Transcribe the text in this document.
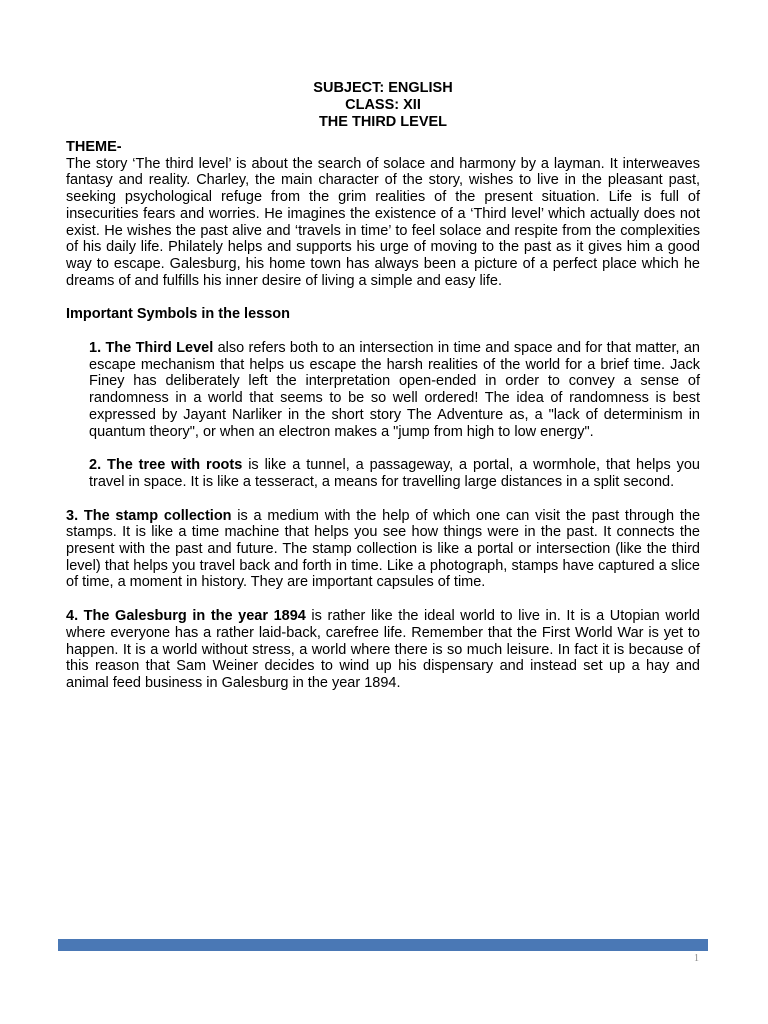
SUBJECT: ENGLISH
CLASS: XII
THE THIRD LEVEL
THEME-

The story ‘The third level’ is about the search of solace and harmony by a layman. It interweaves fantasy and reality. Charley, the main character of the story, wishes to live in the pleasant past, seeking psychological refuge from the grim realities of the present situation. Life is full of insecurities fears and worries. He imagines the existence of a ‘Third level’ which actually does not exist. He wishes the past alive and ‘travels in time’ to feel solace and respite from the complexities of his daily life. Philately helps and supports his urge of moving to the past as it gives him a good way to escape. Galesburg, his home town has always been a picture of a perfect place which he dreams of and fulfills his inner desire of living a simple and easy life.

Important Symbols in the lesson

1. The Third Level also refers both to an intersection in time and space and for that matter, an escape mechanism that helps us escape the harsh realities of the world for a brief time. Jack Finey has deliberately left the interpretation open-ended in order to convey a sense of randomness in a world that seems to be so well ordered! The idea of randomness is best expressed by Jayant Narliker in the short story The Adventure as, a "lack of determinism in quantum theory", or when an electron makes a "jump from high to low energy".

2. The tree with roots is like a tunnel, a passageway, a portal, a wormhole, that helps you travel in space. It is like a tesseract, a means for travelling large distances in a split second.

3. The stamp collection is a medium with the help of which one can visit the past through the stamps. It is like a time machine that helps you see how things were in the past. It connects the present with the past and future. The stamp collection is like a portal or intersection (like the third level) that helps you travel back and forth in time. Like a photograph, stamps have captured a slice of time, a moment in history. They are important capsules of time.

4. The Galesburg in the year 1894 is rather like the ideal world to live in. It is a Utopian world where everyone has a rather laid-back, carefree life. Remember that the First World War is yet to happen. It is a world without stress, a world where there is so much leisure. In fact it is because of this reason that Sam Weiner decides to wind up his dispensary and instead set up a hay and animal feed business in Galesburg in the year 1894.

1
